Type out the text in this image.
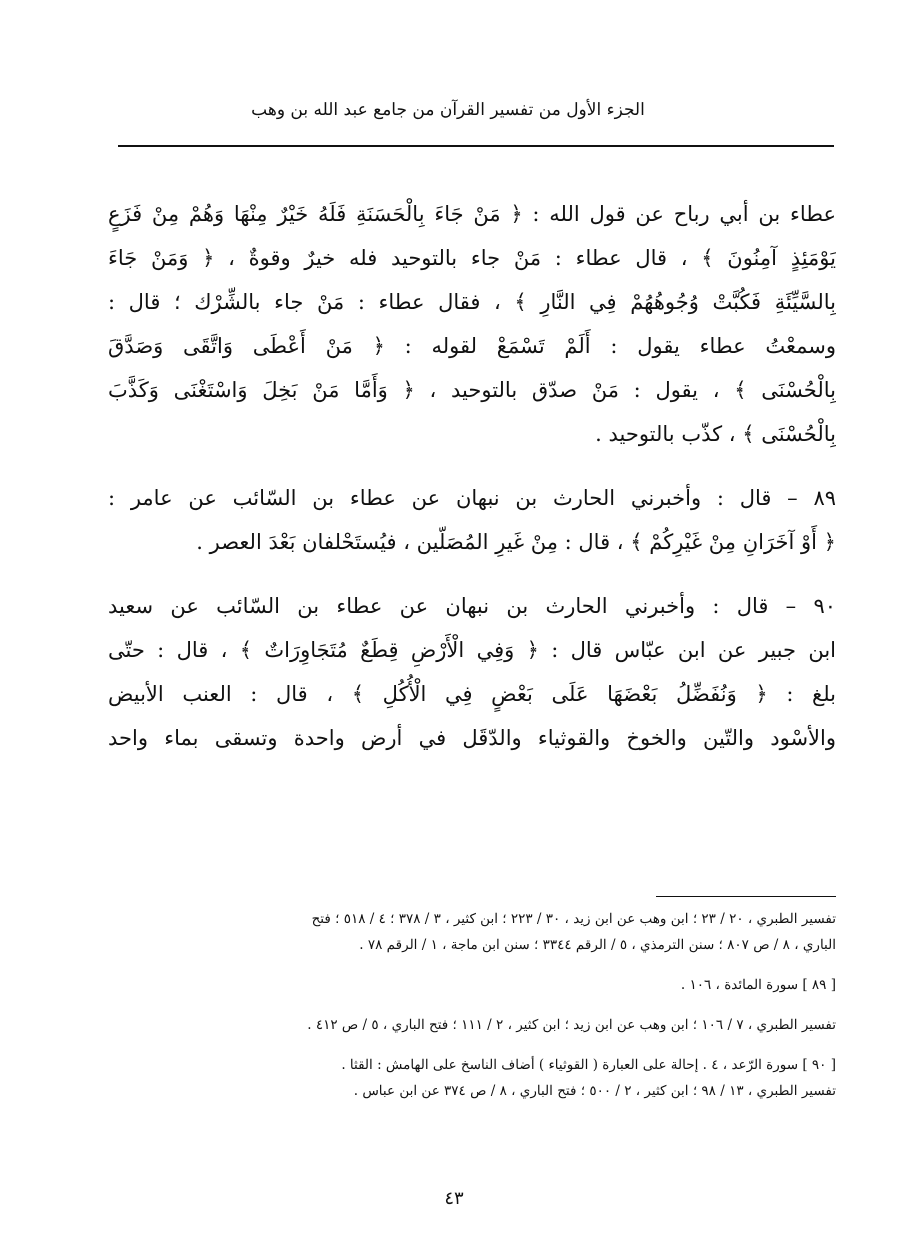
الجزء الأول من تفسير القرآن من جامع عبد الله بن وهب
عطاء بن أبي رباح عن قول الله : ﴿ مَنْ جَاءَ بِالْحَسَنَةِ فَلَهُ خَيْرٌ مِنْهَا وَهُمْ مِنْ فَزَعٍ
يَوْمَئِذٍ آمِنُونَ ﴾ ، قال عطاء : مَنْ جاء بالتوحيد فله خيرٌ وقوةٌ ، ﴿ وَمَنْ جَاءَ
بِالسَّيِّئَةِ فَكُبَّتْ وُجُوهُهُمْ فِي النَّارِ ﴾ ، فقال عطاء : مَنْ جاء بالشِّرْك ؛ قال :
وسمعْتُ عطاء يقول : أَلَمْ تَسْمَعْ لقوله : ﴿ مَنْ أَعْطَى وَاتَّقَى وَصَدَّقَ
بِالْحُسْنَى ﴾ ، يقول : مَنْ صدّق بالتوحيد ، ﴿ وَأَمَّا مَنْ بَخِلَ وَاسْتَغْنَى وَكَذَّبَ
بِالْحُسْنَى ﴾ ، كذّب بالتوحيد .
٨٩ – قال : وأخبرني الحارث بن نبهان عن عطاء بن السّائب عن عامر :
﴿ أَوْ آخَرَانِ مِنْ غَيْرِكُمْ ﴾ ، قال : مِنْ غَيرِ المُصَلّين ، فيُستَحْلفان بَعْدَ العصر .
٩٠ – قال : وأخبرني الحارث بن نبهان عن عطاء بن السّائب عن سعيد
ابن جبير عن ابن عبّاس قال : ﴿ وَفِي الْأَرْضِ قِطَعٌ مُتَجَاوِرَاتٌ ﴾ ، قال : حتّى
بلغ : ﴿ وَنُفَضِّلُ بَعْضَهَا عَلَى بَعْضٍ فِي الْأُكُلِ ﴾ ، قال : العنب الأبيض
والأسْود والتّين والخوخ والقوثياء والدّقَل في أرض واحدة وتسقى بماء واحد
تفسير الطبري ، ٢٠ / ٢٣ ؛ ابن وهب عن ابن زيد ، ٣٠ / ٢٢٣ ؛ ابن كثير ، ٣ / ٣٧٨ ؛ ٤ / ٥١٨ ؛ فتح
الباري ، ٨ / ص ٨٠٧ ؛ سنن الترمذي ، ٥ / الرقم ٣٣٤٤ ؛ سنن ابن ماجة ، ١ / الرقم ٧٨ .
[ ٨٩ ] سورة المائدة ، ١٠٦ .
تفسير الطبري ، ٧ / ١٠٦ ؛ ابن وهب عن ابن زيد ؛ ابن كثير ، ٢ / ١١١ ؛ فتح الباري ، ٥ / ص ٤١٢ .
[ ٩٠ ] سورة الرّعد ، ٤ . إحالة على العبارة ( القوثياء ) أضاف الناسخ على الهامش : القثا .
تفسير الطبري ، ١٣ / ٩٨ ؛ ابن كثير ، ٢ / ٥٠٠ ؛ فتح الباري ، ٨ / ص ٣٧٤ عن ابن عباس .
٤٣
